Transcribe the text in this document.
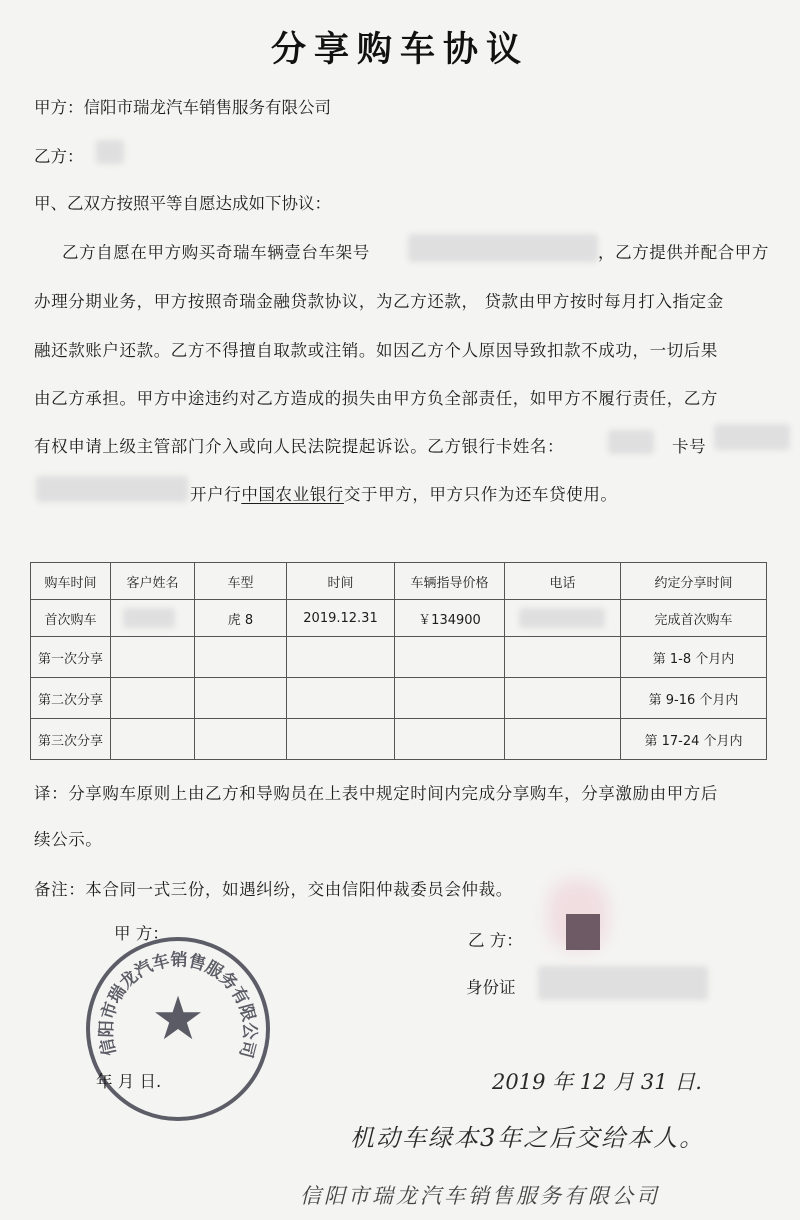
分享购车协议
甲方：信阳市瑞龙汽车销售服务有限公司
乙方：
甲、乙双方按照平等自愿达成如下协议：
乙方自愿在甲方购买奇瑞车辆壹台车架号	，乙方提供并配合甲方
办理分期业务，甲方按照奇瑞金融贷款协议，为乙方还款， 贷款由甲方按时每月打入指定金
融还款账户还款。乙方不得擅自取款或注销。如因乙方个人原因导致扣款不成功，一切后果
由乙方承担。甲方中途违约对乙方造成的损失由甲方负全部责任，如甲方不履行责任，乙方
有权申请上级主管部门介入或向人民法院提起诉讼。乙方银行卡姓名：	卡号
开户行中国农业银行交于甲方，甲方只作为还车贷使用。
购车时间	客户姓名	车型	时间	车辆指导价格	电话	约定分享时间
首次购车		虎 8	2019.12.31	￥134900		完成首次购车
第一次分享						第 1-8 个月内
第二次分享						第 9-16 个月内
第三次分享						第 17-24 个月内
译：分享购车原则上由乙方和导购员在上表中规定时间内完成分享购车，分享激励由甲方后
续公示。
备注：本合同一式三份，如遇纠纷，交由信阳仲裁委员会仲裁。
甲 方：	乙 方：
身份证
信阳市瑞龙汽车销售服务有限公司
★
年 月 日.	2019 年 12 月 31 日.
机动车绿本3年之后交给本人。
信阳市瑞龙汽车销售服务有限公司
